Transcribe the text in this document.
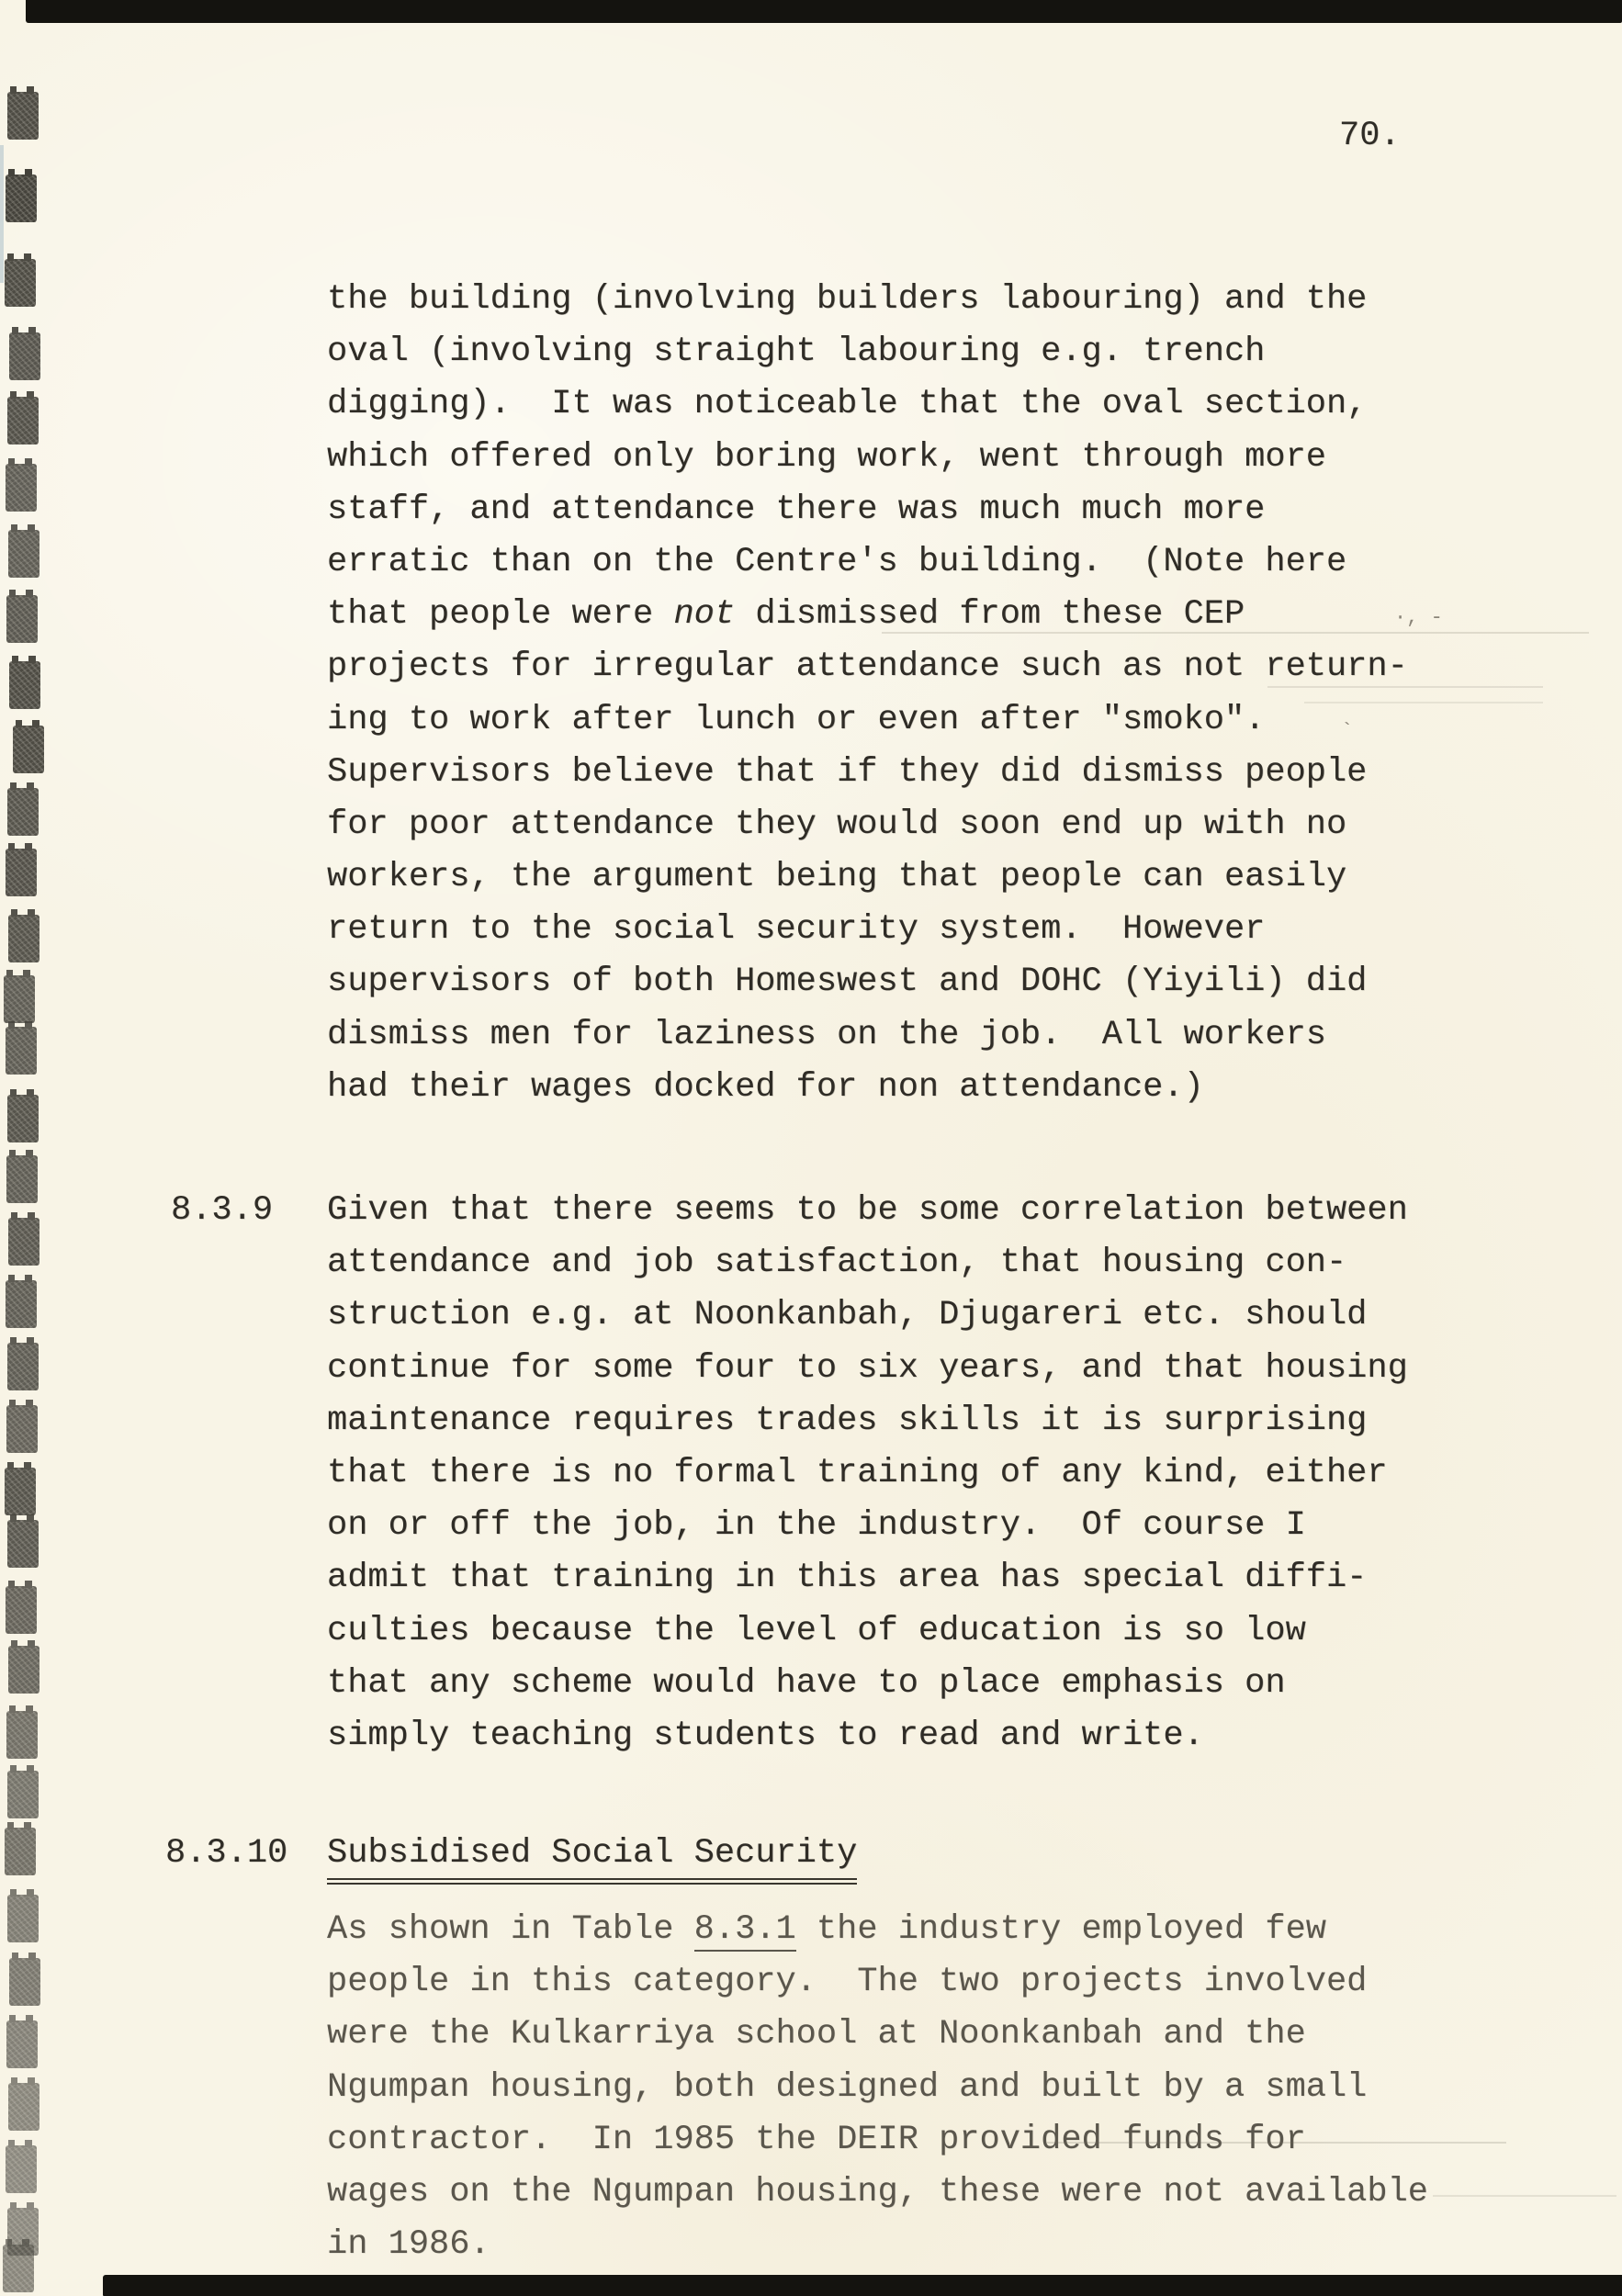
70.
the building (involving builders labouring) and the
oval (involving straight labouring e.g. trench
digging).  It was noticeable that the oval section,
which offered only boring work, went through more
staff, and attendance there was much much more
erratic than on the Centre's building.  (Note here
that people were not dismissed from these CEP
projects for irregular attendance such as not return-
ing to work after lunch or even after "smoko".
Supervisors believe that if they did dismiss people
for poor attendance they would soon end up with no
workers, the argument being that people can easily
return to the social security system.  However
supervisors of both Homeswest and DOHC (Yiyili) did
dismiss men for laziness on the job.  All workers
had their wages docked for non attendance.)
8.3.9 Given that there seems to be some correlation between
attendance and job satisfaction, that housing con-
struction e.g. at Noonkanbah, Djugareri etc. should
continue for some four to six years, and that housing
maintenance requires trades skills it is surprising
that there is no formal training of any kind, either
on or off the job, in the industry.  Of course I
admit that training in this area has special diffi-
culties because the level of education is so low
that any scheme would have to place emphasis on
simply teaching students to read and write.
8.3.10 Subsidised Social Security
As shown in Table 8.3.1 the industry employed few
people in this category.  The two projects involved
were the Kulkarriya school at Noonkanbah and the
Ngumpan housing, both designed and built by a small
contractor.  In 1985 the DEIR provided funds for
wages on the Ngumpan housing, these were not available
in 1986.
·, -
`
